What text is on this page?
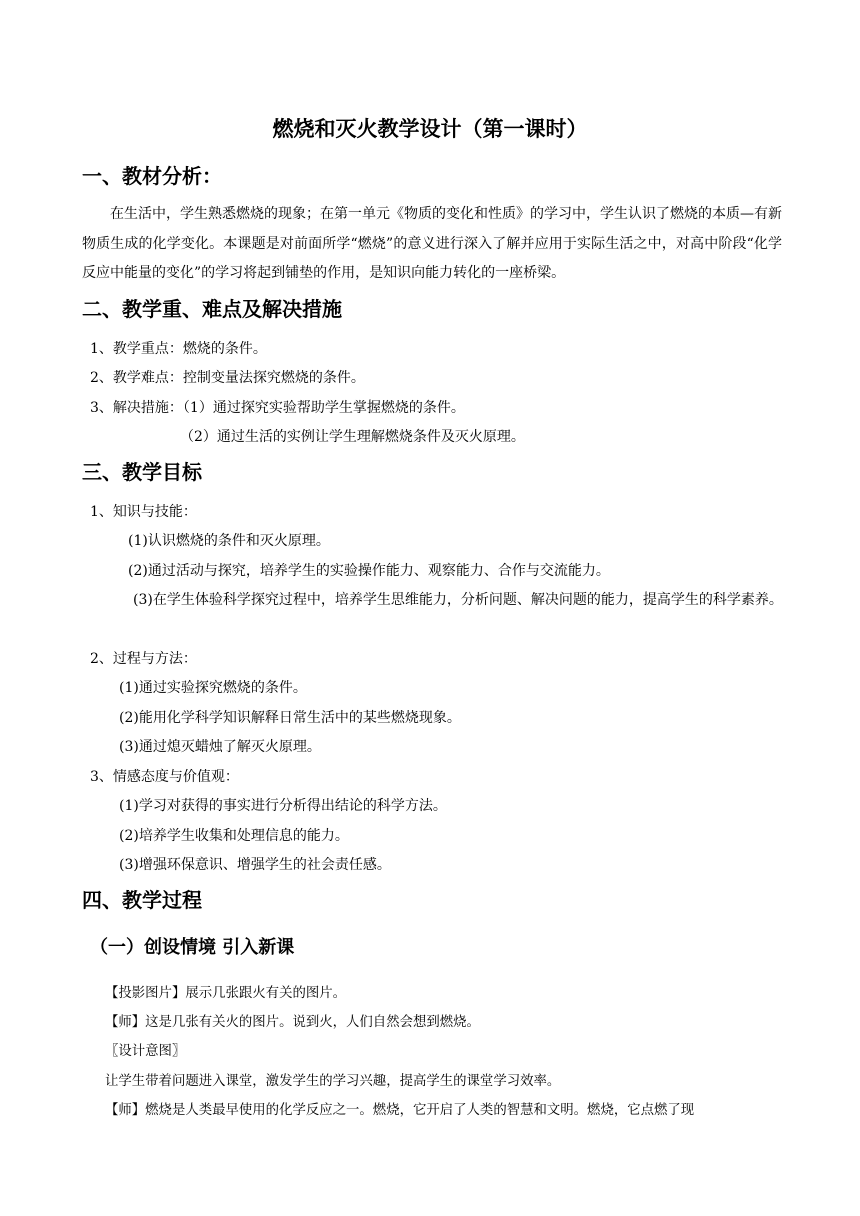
燃烧和灭火教学设计（第一课时）
一、教材分析：

在生活中，学生熟悉燃烧的现象；在第一单元《物质的变化和性质》的学习中，学生认识了燃烧的本质—有新物质生成的化学变化。本课题是对前面所学“燃烧”的意义进行深入了解并应用于实际生活之中，对高中阶段“化学反应中能量的变化”的学习将起到铺垫的作用，是知识向能力转化的一座桥梁。

二、教学重、难点及解决措施
1、教学重点：燃烧的条件。
2、教学难点：控制变量法探究燃烧的条件。
3、解决措施：（1）通过探究实验帮助学生掌握燃烧的条件。
（2）通过生活的实例让学生理解燃烧条件及灭火原理。
三、教学目标
1、知识与技能：
(1)认识燃烧的条件和灭火原理。
(2)通过活动与探究，培养学生的实验操作能力、观察能力、合作与交流能力。
(3)在学生体验科学探究过程中，培养学生思维能力，分析问题、解决问题的能力，提高学生的科学素养。
2、过程与方法：
(1)通过实验探究燃烧的条件。
(2)能用化学科学知识解释日常生活中的某些燃烧现象。
(3)通过熄灭蜡烛了解灭火原理。
3、情感态度与价值观：
(1)学习对获得的事实进行分析得出结论的科学方法。
(2)培养学生收集和处理信息的能力。
(3)增强环保意识、增强学生的社会责任感。
四、教学过程
（一）创设情境 引入新课
【投影图片】展示几张跟火有关的图片。
【师】这是几张有关火的图片。说到火，人们自然会想到燃烧。
〖设计意图〗
让学生带着问题进入课堂，激发学生的学习兴趣，提高学生的课堂学习效率。
【师】燃烧是人类最早使用的化学反应之一。燃烧，它开启了人类的智慧和文明。燃烧，它点燃了现
